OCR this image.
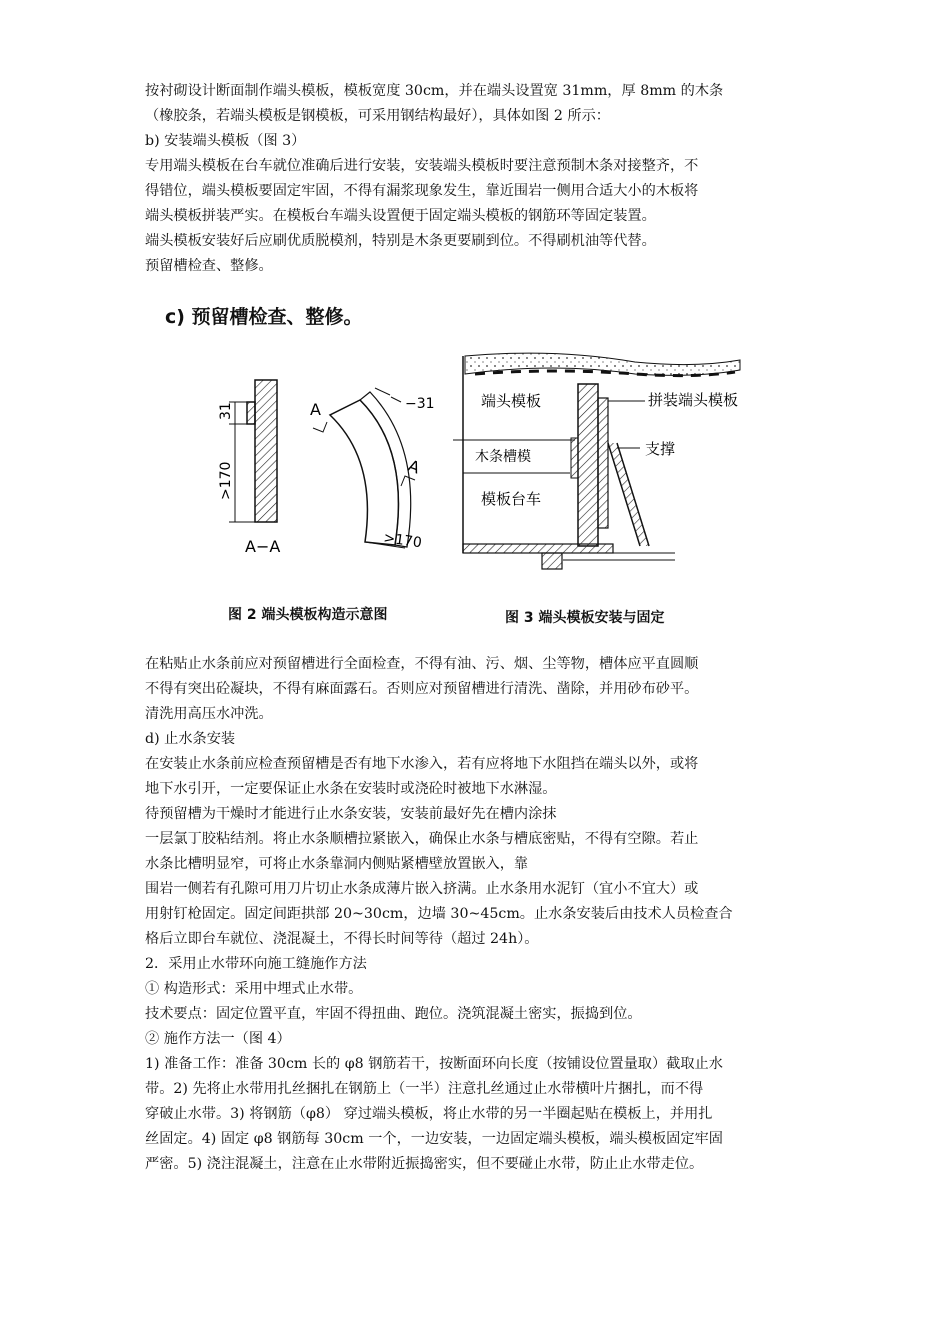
按衬砌设计断面制作端头模板，模板宽度 30cm，并在端头设置宽 31mm，厚 8mm 的木条

（橡胶条，若端头模板是钢模板，可采用钢结构最好），具体如图 2 所示：

b) 安装端头模板（图 3）

专用端头模板在台车就位准确后进行安装，安装端头模板时要注意预制木条对接整齐，不

得错位，端头模板要固定牢固，不得有漏浆现象发生，靠近围岩一侧用合适大小的木板将

端头模板拼装严实。在模板台车端头设置便于固定端头模板的钢筋环等固定装置。

端头模板安装好后应刷优质脱模剂，特别是木条更要刷到位。不得刷机油等代替。

预留槽检查、整修。

c) 预留槽检查、整修。
31
>170
A−A
−31
A
A
>170
图 2 端头模板构造示意图
端头模板	拼装端头模板
支撑
木条槽模
模板台车
图 3 端头模板安装与固定

在粘贴止水条前应对预留槽进行全面检查，不得有油、污、烟、尘等物，槽体应平直圆顺

不得有突出砼凝块，不得有麻面露石。否则应对预留槽进行清洗、凿除，并用砂布砂平。

清洗用高压水冲洗。

d) 止水条安装

在安装止水条前应检查预留槽是否有地下水渗入，若有应将地下水阻挡在端头以外，或将

地下水引开，一定要保证止水条在安装时或浇砼时被地下水淋湿。

待预留槽为干燥时才能进行止水条安装，安装前最好先在槽内涂抹

一层氯丁胶粘结剂。将止水条顺槽拉紧嵌入，确保止水条与槽底密贴，不得有空隙。若止

水条比槽明显窄，可将止水条靠洞内侧贴紧槽壁放置嵌入，靠

围岩一侧若有孔隙可用刀片切止水条成薄片嵌入挤满。止水条用水泥钉（宜小不宜大）或

用射钉枪固定。固定间距拱部 20~30cm，边墙 30~45cm。止水条安装后由技术人员检查合

格后立即台车就位、浇混凝土，不得长时间等待（超过 24h）。

2．采用止水带环向施工缝施作方法

① 构造形式：采用中埋式止水带。

技术要点：固定位置平直，牢固不得扭曲、跑位。浇筑混凝土密实，振捣到位。

② 施作方法一（图 4）

1) 准备工作：准备 30cm 长的 φ8 钢筋若干，按断面环向长度（按铺设位置量取）截取止水

带。2) 先将止水带用扎丝捆扎在钢筋上（一半）注意扎丝通过止水带横叶片捆扎，而不得

穿破止水带。3) 将钢筋（φ8） 穿过端头模板，将止水带的另一半圈起贴在模板上，并用扎

丝固定。4) 固定 φ8 钢筋每 30cm 一个，一边安装，一边固定端头模板，端头模板固定牢固

严密。5) 浇注混凝土，注意在止水带附近振捣密实，但不要碰止水带，防止止水带走位。
